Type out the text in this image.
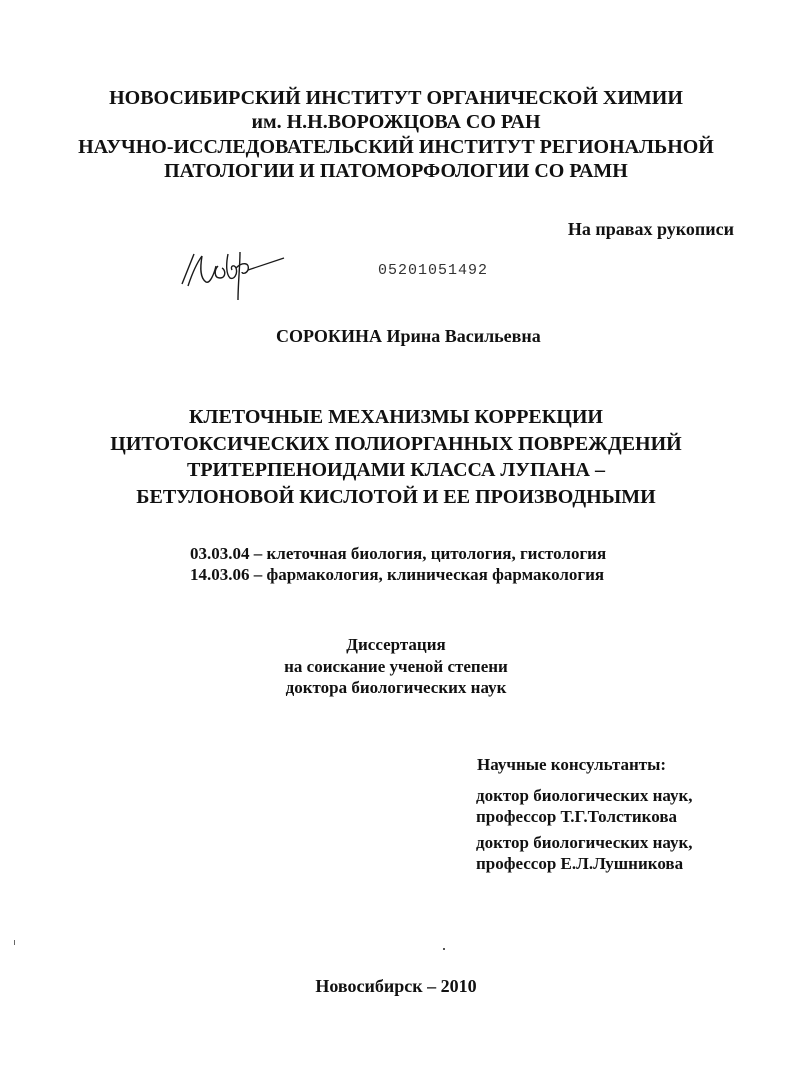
НОВОСИБИРСКИЙ ИНСТИТУТ ОРГАНИЧЕСКОЙ ХИМИИ
им. Н.Н.ВОРОЖЦОВА СО РАН
НАУЧНО-ИССЛЕДОВАТЕЛЬСКИЙ ИНСТИТУТ РЕГИОНАЛЬНОЙ
ПАТОЛОГИИ И ПАТОМОРФОЛОГИИ СО РАМН
На правах рукописи
05201051492
СОРОКИНА Ирина Васильевна
КЛЕТОЧНЫЕ МЕХАНИЗМЫ КОРРЕКЦИИ
ЦИТОТОКСИЧЕСКИХ ПОЛИОРГАННЫХ ПОВРЕЖДЕНИЙ
ТРИТЕРПЕНОИДАМИ КЛАССА ЛУПАНА –
БЕТУЛОНОВОЙ КИСЛОТОЙ И ЕЕ ПРОИЗВОДНЫМИ
03.03.04 – клеточная биология, цитология, гистология
14.03.06 – фармакология, клиническая фармакология
Диссертация
на соискание ученой степени
доктора биологических наук
Научные консультанты:
доктор биологических наук,
профессор Т.Г.Толстикова
доктор биологических наук,
профессор Е.Л.Лушникова
Новосибирск – 2010
